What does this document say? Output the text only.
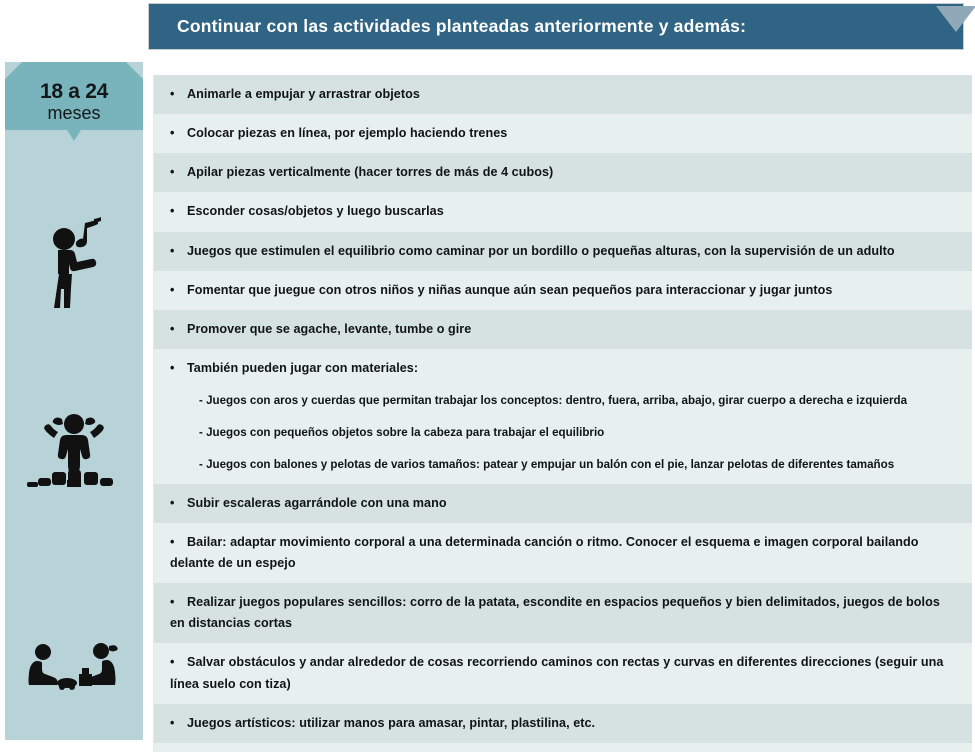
Continuar con las actividades planteadas anteriormente y además:
18 a 24
meses
• Animarle a empujar y arrastrar objetos
• Colocar piezas en línea, por ejemplo haciendo trenes
• Apilar piezas verticalmente (hacer torres de más de 4 cubos)
• Esconder cosas/objetos y luego buscarlas
• Juegos que estimulen el equilibrio como caminar por un bordillo o pequeñas alturas, con la supervisión de un adulto
• Fomentar que juegue con otros niños y niñas aunque aún sean pequeños para interaccionar y jugar juntos
• Promover que se agache, levante, tumbe o gire
• También pueden jugar con materiales:
- Juegos con aros y cuerdas que permitan trabajar los conceptos: dentro, fuera, arriba, abajo, girar cuerpo a derecha e izquierda
- Juegos con pequeños objetos sobre la cabeza para trabajar el equilibrio
- Juegos con balones y pelotas de varios tamaños: patear y empujar un balón con el pie, lanzar pelotas de diferentes tamaños
• Subir escaleras agarrándole con una mano
• Bailar: adaptar movimiento corporal a una determinada canción o ritmo. Conocer el esquema e imagen corporal bailando delante de un espejo
• Realizar juegos populares sencillos: corro de la patata, escondite en espacios pequeños y bien delimitados, juegos de bolos en distancias cortas
• Salvar obstáculos y andar alrededor de cosas recorriendo caminos con rectas y curvas en diferentes direcciones (seguir una línea suelo con tiza)
• Juegos artísticos: utilizar manos para amasar, pintar, plastilina, etc.
